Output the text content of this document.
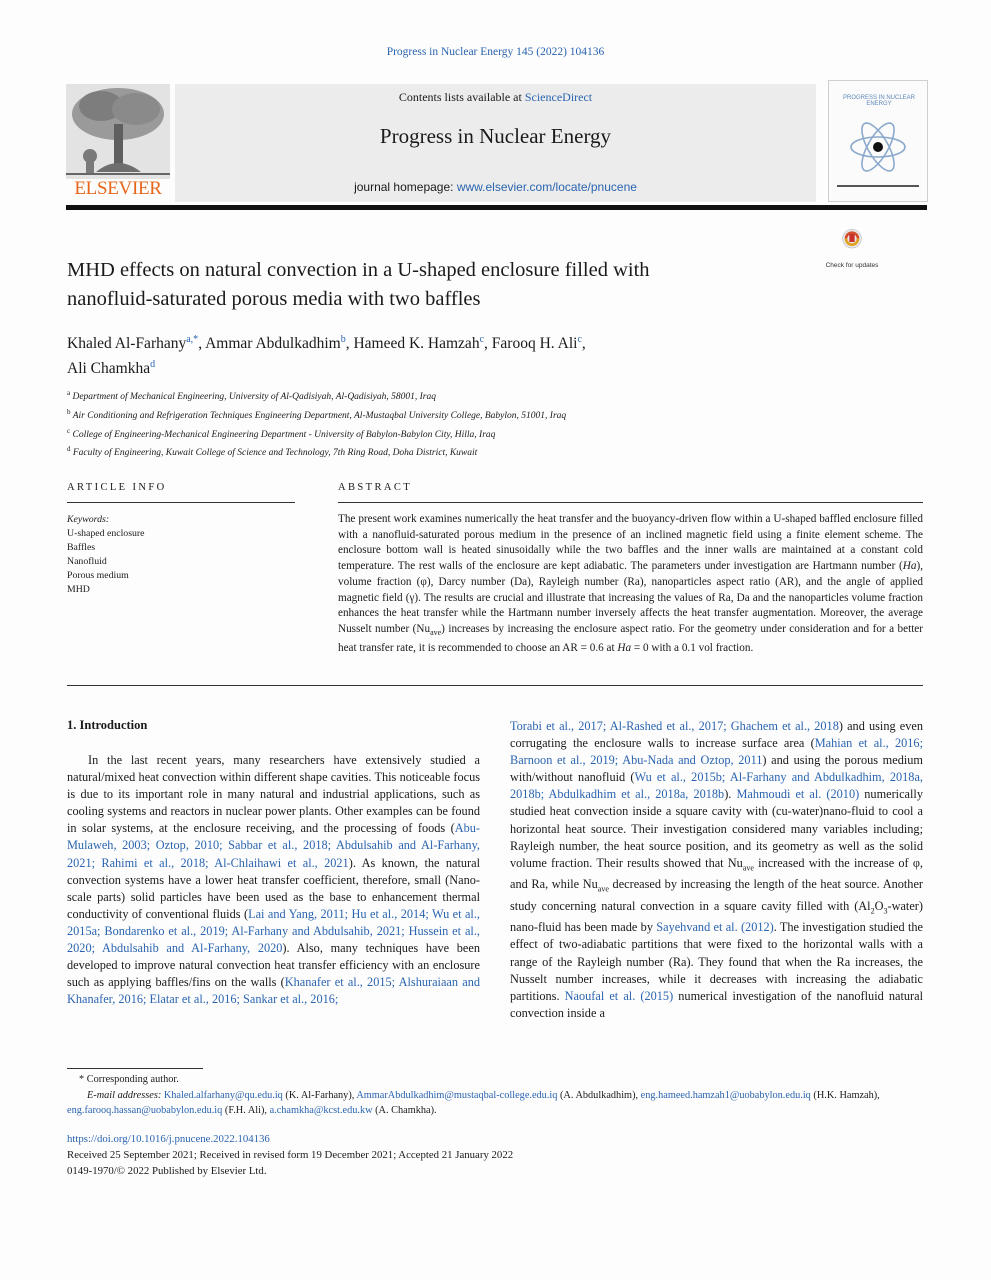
Progress in Nuclear Energy 145 (2022) 104136
Contents lists available at ScienceDirect
Progress in Nuclear Energy
journal homepage: www.elsevier.com/locate/pnucene
ELSEVIER
PROGRESS IN NUCLEAR ENERGY
Check for updates
MHD effects on natural convection in a U-shaped enclosure filled with
nanofluid-saturated porous media with two baffles
Khaled Al-Farhany$^{a,*}$, Ammar Abdulkadhim$^b$, Hameed K. Hamzah$^c$, Farooq H. Ali$^c$,
Ali Chamkha$^d$
$^a$ Department of Mechanical Engineering, University of Al-Qadisiyah, Al-Qadisiyah, 58001, Iraq
$^b$ Air Conditioning and Refrigeration Techniques Engineering Department, Al-Mustaqbal University College, Babylon, 51001, Iraq
$^c$ College of Engineering-Mechanical Engineering Department - University of Babylon-Babylon City, Hilla, Iraq
$^d$ Faculty of Engineering, Kuwait College of Science and Technology, 7th Ring Road, Doha District, Kuwait
ARTICLE INFO	ABSTRACT
Keywords:
U-shaped enclosure
Baffles
Nanofluid
Porous medium
MHD
The present work examines numerically the heat transfer and the buoyancy-driven flow within a U-shaped baffled enclosure filled with a nanofluid-saturated porous medium in the presence of an inclined magnetic field using a finite element scheme. The enclosure bottom wall is heated sinusoidally while the two baffles and the inner walls are maintained at a constant cold temperature. The rest walls of the enclosure are kept adiabatic. The parameters under investigation are Hartmann number (Ha), volume fraction (φ), Darcy number (Da), Rayleigh number (Ra), nanoparticles aspect ratio (AR), and the angle of applied magnetic field (γ). The results are crucial and illustrate that increasing the values of Ra, Da and the nanoparticles volume fraction enhances the heat transfer while the Hartmann number inversely affects the heat transfer augmentation. Moreover, the average Nusselt number $(Nu_{ave})$ increases by increasing the enclosure aspect ratio. For the geometry under consideration and for a better heat transfer rate, it is recommended to choose an AR = 0.6 at Ha = 0 with a 0.1 vol fraction.
1. Introduction

In the last recent years, many researchers have extensively studied a natural/mixed heat convection within different shape cavities. This noticeable focus is due to its important role in many natural and industrial applications, such as cooling systems and reactors in nuclear power plants. Other examples can be found in solar systems, at the enclosure receiving, and the processing of foods (Abu-Mulaweh, 2003; Oztop, 2010; Sabbar et al., 2018; Abdulsahib and Al-Farhany, 2021; Rahimi et al., 2018; Al-Chlaihawi et al., 2021). As known, the natural convection systems have a lower heat transfer coefficient, therefore, small (Nano-scale parts) solid particles have been used as the base to enhancement thermal conductivity of conventional fluids (Lai and Yang, 2011; Hu et al., 2014; Wu et al., 2015a; Bondarenko et al., 2019; Al-Farhany and Abdulsahib, 2021; Hussein et al., 2020; Abdulsahib and Al-Farhany, 2020). Also, many techniques have been developed to improve natural convection heat transfer efficiency with an enclosure such as applying baffles/fins on the walls (Khanafer et al., 2015; Alshuraiaan and Khanafer, 2016; Elatar et al., 2016; Sankar et al., 2016;

Torabi et al., 2017; Al-Rashed et al., 2017; Ghachem et al., 2018) and using even corrugating the enclosure walls to increase surface area (Mahian et al., 2016; Barnoon et al., 2019; Abu-Nada and Oztop, 2011) and using the porous medium with/without nanofluid (Wu et al., 2015b; Al-Farhany and Abdulkadhim, 2018a, 2018b; Abdulkadhim et al., 2018a, 2018b). Mahmoudi et al. (2010) numerically studied heat convection inside a square cavity with (cu-water)nano-fluid to cool a horizontal heat source. Their investigation considered many variables including; Rayleigh number, the heat source position, and its geometry as well as the solid volume fraction. Their results showed that $Nu_{ave}$ increased with the increase of φ, and Ra, while $Nu_{ave}$ decreased by increasing the length of the heat source. Another study concerning natural convection in a square cavity filled with $(Al_2O_3-water)$ nano-fluid has been made by Sayehvand et al. (2012). The investigation studied the effect of two-adiabatic partitions that were fixed to the horizontal walls with a range of the Rayleigh number (Ra). They found that when the Ra increases, the Nusselt number increases, while it decreases with increasing the adiabatic partitions. Naoufal et al. (2015) numerical investigation of the nanofluid natural convection inside a

* Corresponding author.
E-mail addresses: Khaled.alfarhany@qu.edu.iq (K. Al-Farhany), AmmarAbdulkadhim@mustaqbal-college.edu.iq (A. Abdulkadhim), eng.hameed.hamzah1@uobabylon.edu.iq (H.K. Hamzah), eng.farooq.hassan@uobabylon.edu.iq (F.H. Ali), a.chamkha@kcst.edu.kw (A. Chamkha).
https://doi.org/10.1016/j.pnucene.2022.104136
Received 25 September 2021; Received in revised form 19 December 2021; Accepted 21 January 2022
0149-1970/© 2022 Published by Elsevier Ltd.
